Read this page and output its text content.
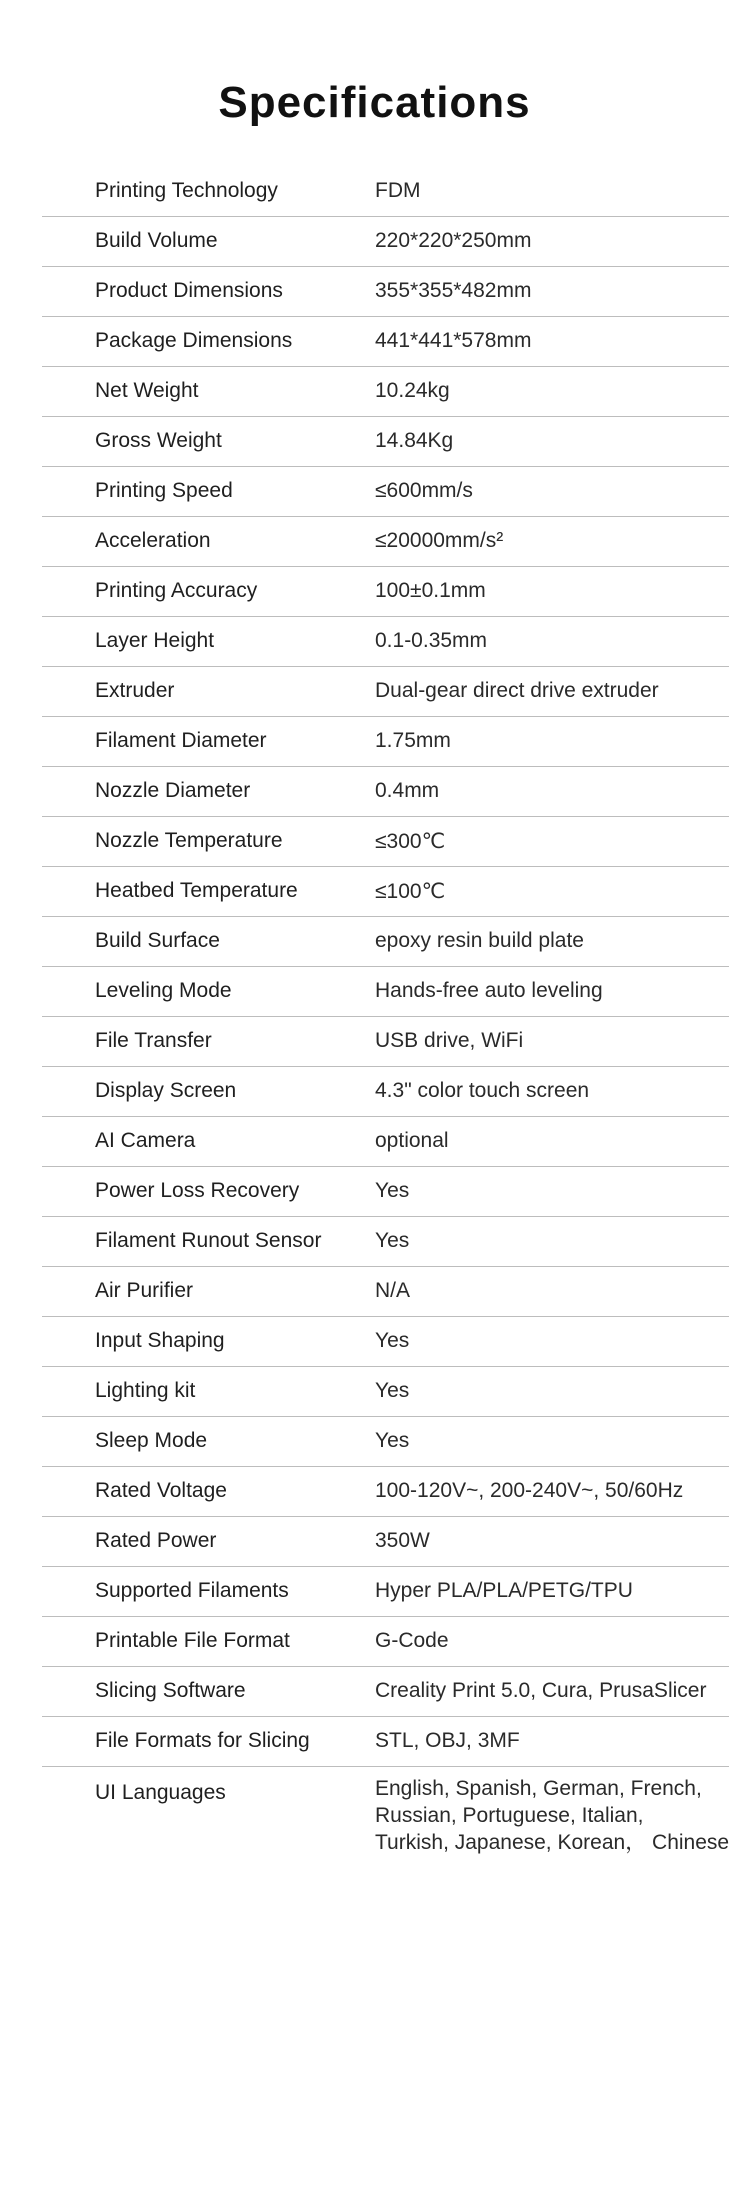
Specifications
Printing Technology	FDM
Build Volume	220*220*250mm
Product Dimensions	355*355*482mm
Package Dimensions	441*441*578mm
Net Weight	10.24kg
Gross Weight	14.84Kg
Printing Speed	≤600mm/s
Acceleration	≤20000mm/s²
Printing Accuracy	100±0.1mm
Layer Height	0.1-0.35mm
Extruder	Dual-gear direct drive extruder
Filament Diameter	1.75mm
Nozzle Diameter	0.4mm
Nozzle Temperature	≤300℃
Heatbed Temperature	≤100℃
Build Surface	epoxy resin build plate
Leveling Mode	Hands-free auto leveling
File Transfer	USB drive, WiFi
Display Screen	4.3" color touch screen
AI Camera	optional
Power Loss Recovery	Yes
Filament Runout Sensor	Yes
Air Purifier	N/A
Input Shaping	Yes
Lighting kit	Yes
Sleep Mode	Yes
Rated Voltage	100-120V~, 200-240V~, 50/60Hz
Rated Power	350W
Supported Filaments	Hyper PLA/PLA/PETG/TPU
Printable File Format	G-Code
Slicing Software	Creality Print 5.0, Cura, PrusaSlicer
File Formats for Slicing	STL, OBJ, 3MF
UI Languages	English, Spanish, German, French,
Russian, Portuguese, Italian,
Turkish, Japanese, Korean， Chinese
